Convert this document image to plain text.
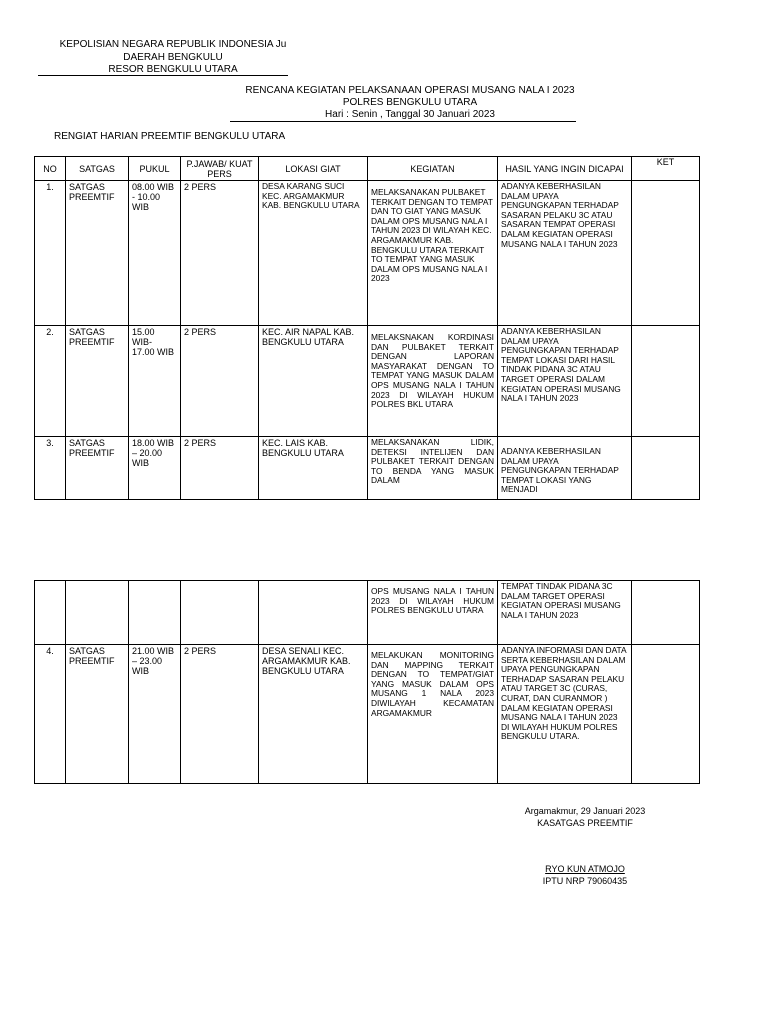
KEPOLISIAN NEGARA REPUBLIK INDONESIA Ju
DAERAH BENGKULU
RESOR BENGKULU UTARA
RENCANA KEGIATAN PELAKSANAAN OPERASI MUSANG NALA I 2023
POLRES BENGKULU UTARA
Hari : Senin , Tanggal 30 Januari 2023
RENGIAT HARIAN PREEMTIF BENGKULU UTARA
NO	SATGAS	PUKUL	P.JAWAB/ KUAT PERS	LOKASI GIAT	KEGIATAN	HASIL YANG INGIN DICAPAI	KET
1.	SATGAS PREEMTIF	08.00 WIB - 10.00 WIB	2 PERS	DESA KARANG SUCI KEC. ARGAMAKMUR KAB. BENGKULU UTARA	MELAKSANAKAN PULBAKET TERKAIT DENGAN TO TEMPAT DAN TO GIAT YANG MASUK DALAM OPS MUSANG NALA I TAHUN 2023 DI WILAYAH KEC. ARGAMAKMUR KAB. BENGKULU UTARA TERKAIT TO TEMPAT YANG MASUK DALAM OPS MUSANG NALA I 2023	ADANYA KEBERHASILAN DALAM UPAYA PENGUNGKAPAN TERHADAP SASARAN PELAKU 3C ATAU SASARAN TEMPAT OPERASI DALAM KEGIATAN OPERASI MUSANG NALA I TAHUN 2023	
2.	SATGAS PREEMTIF	15.00 WIB- 17.00 WIB	2 PERS	KEC. AIR NAPAL KAB. BENGKULU UTARA	MELAKSNAKAN KORDINASI DAN PULBAKET TERKAIT DENGAN LAPORAN MASYARAKAT DENGAN TO TEMPAT YANG MASUK DALAM OPS MUSANG NALA I TAHUN 2023 DI WILAYAH HUKUM POLRES BKL UTARA	ADANYA KEBERHASILAN DALAM UPAYA PENGUNGKAPAN TERHADAP TEMPAT LOKASI DARI HASIL TINDAK PIDANA 3C ATAU TARGET OPERASI DALAM KEGIATAN OPERASI MUSANG NALA I TAHUN 2023	
3.	SATGAS PREEMTIF	18.00 WIB – 20.00 WIB	2 PERS	KEC. LAIS KAB. BENGKULU UTARA	MELAKSANAKAN LIDIK, DETEKSI INTELIJEN DAN PULBAKET TERKAIT DENGAN TO BENDA YANG MASUK DALAM	ADANYA KEBERHASILAN DALAM UPAYA PENGUNGKAPAN TERHADAP TEMPAT LOKASI YANG MENJADI	
					OPS MUSANG NALA I TAHUN 2023 DI WILAYAH HUKUM POLRES BENGKULU UTARA	TEMPAT TINDAK PIDANA 3C DALAM TARGET OPERASI KEGIATAN OPERASI MUSANG NALA I TAHUN 2023	
4.	SATGAS PREEMTIF	21.00 WIB – 23.00 WIB	2 PERS	DESA SENALI KEC. ARGAMAKMUR KAB. BENGKULU UTARA	MELAKUKAN MONITORING DAN MAPPING TERKAIT DENGAN TO TEMPAT/GIAT YANG MASUK DALAM OPS MUSANG 1 NALA 2023 DIWILAYAH KECAMATAN ARGAMAKMUR	ADANYA INFORMASI DAN DATA SERTA KEBERHASILAN DALAM UPAYA PENGUNGKAPAN TERHADAP SASARAN PELAKU ATAU TARGET 3C (CURAS, CURAT, DAN CURANMOR ) DALAM KEGIATAN OPERASI MUSANG NALA I TAHUN 2023 DI WILAYAH HUKUM POLRES BENGKULU UTARA.	
Argamakmur, 29 Januari 2023
KASATGAS PREEMTIF
RYO KUN ATMOJO
IPTU NRP 79060435
